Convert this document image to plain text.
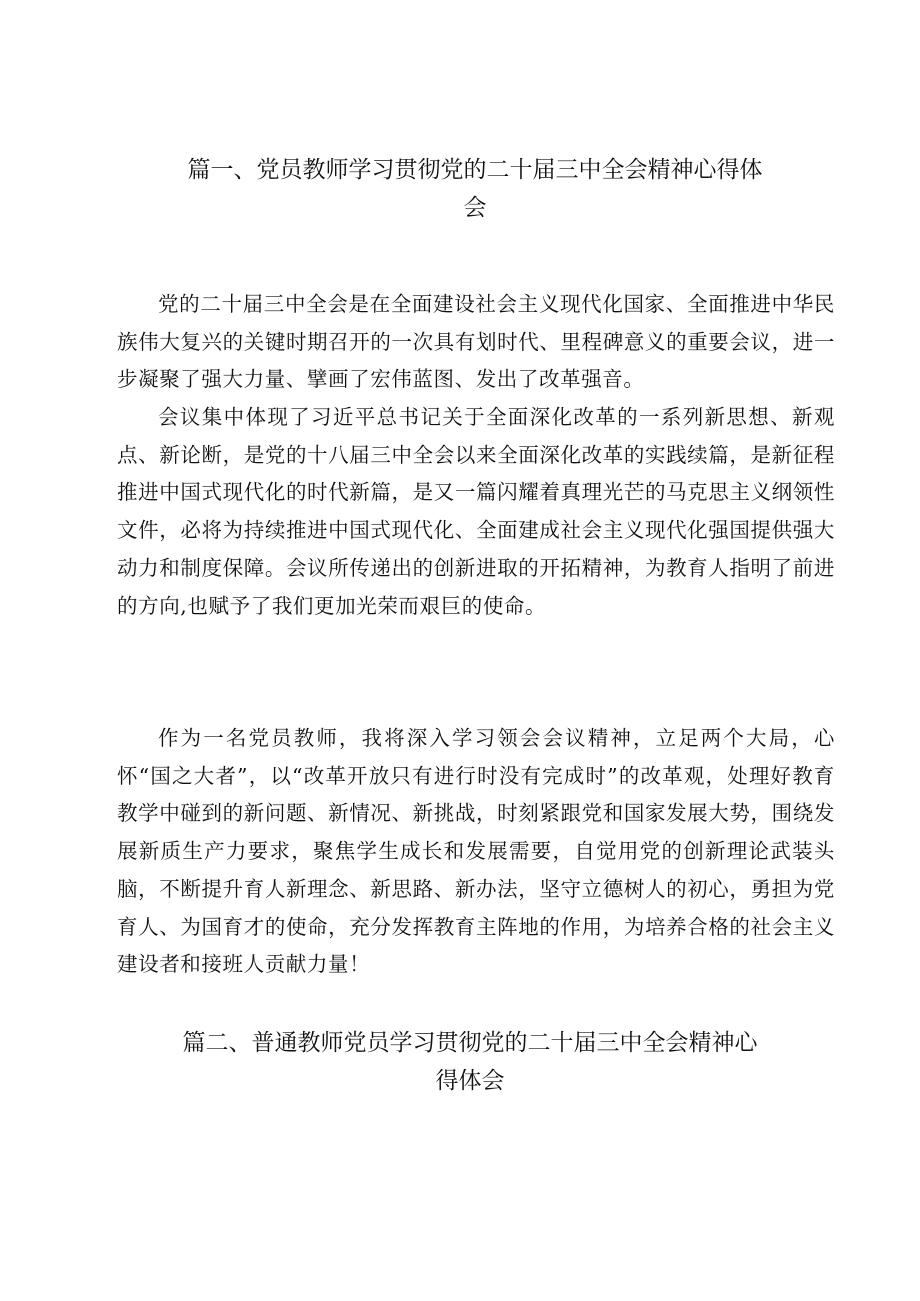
篇一、党员教师学习贯彻党的二十届三中全会精神心得体
会

党的二十届三中全会是在全面建设社会主义现代化国家、全面推进中华民族伟大复兴的关键时期召开的一次具有划时代、里程碑意义的重要会议，进一步凝聚了强大力量、擘画了宏伟蓝图、发出了改革强音。

会议集中体现了习近平总书记关于全面深化改革的一系列新思想、新观点、新论断，是党的十八届三中全会以来全面深化改革的实践续篇，是新征程推进中国式现代化的时代新篇，是又一篇闪耀着真理光芒的马克思主义纲领性文件，必将为持续推进中国式现代化、全面建成社会主义现代化强国提供强大动力和制度保障。会议所传递出的创新进取的开拓精神，为教育人指明了前进的方向,也赋予了我们更加光荣而艰巨的使命。

作为一名党员教师，我将深入学习领会会议精神，立足两个大局，心怀“国之大者”，以“改革开放只有进行时没有完成时”的改革观，处理好教育教学中碰到的新问题、新情况、新挑战，时刻紧跟党和国家发展大势，围绕发展新质生产力要求，聚焦学生成长和发展需要，自觉用党的创新理论武装头脑，不断提升育人新理念、新思路、新办法，坚守立德树人的初心，勇担为党育人、为国育才的使命，充分发挥教育主阵地的作用，为培养合格的社会主义建设者和接班人贡献力量！

篇二、普通教师党员学习贯彻党的二十届三中全会精神心
得体会
